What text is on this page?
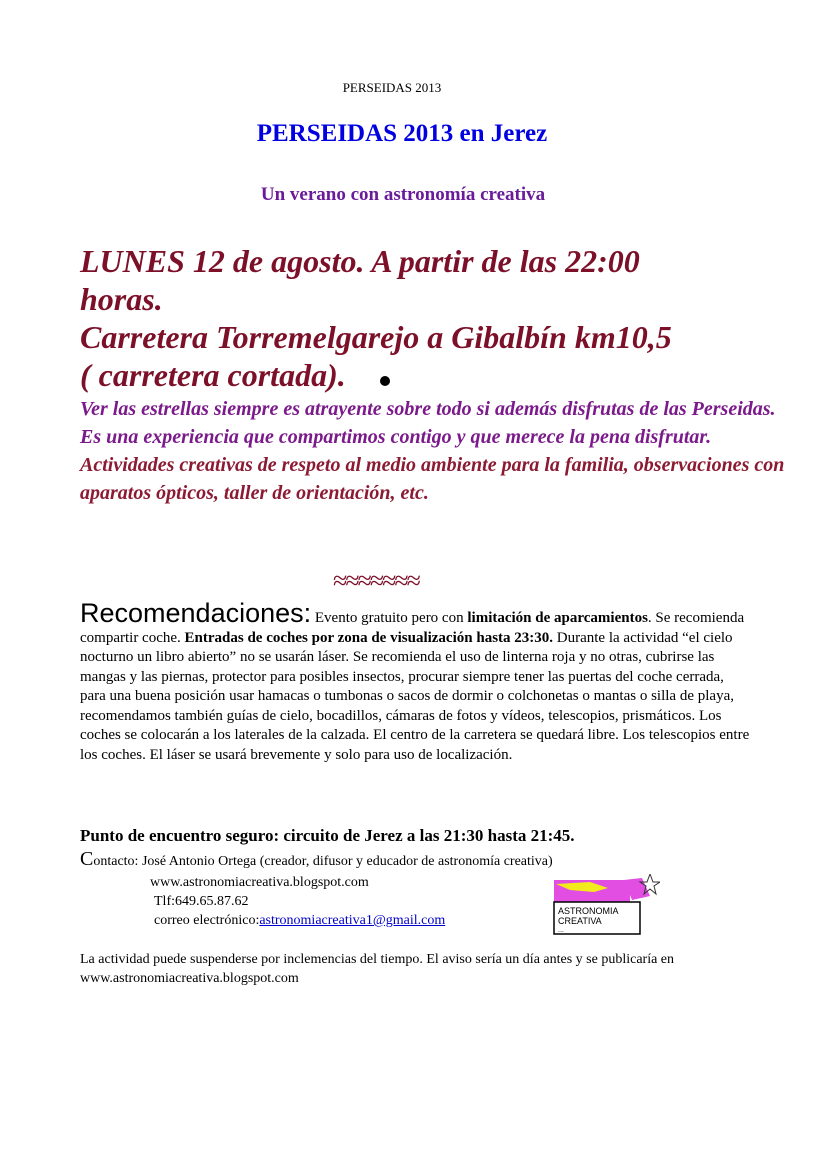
PERSEIDAS 2013
PERSEIDAS 2013 en Jerez
Un verano con astronomía creativa
LUNES 12 de agosto. A partir de las 22:00
horas.
Carretera Torremelgarejo a Gibalbín km10,5
( carretera cortada).
Ver las estrellas siempre es atrayente sobre todo si además disfrutas de las Perseidas. Es una experiencia que compartimos contigo y que merece la pena disfrutar.
Actividades creativas de respeto al medio ambiente para la familia, observaciones con aparatos ópticos, taller de orientación, etc.
≈≈≈≈≈≈≈
Recomendaciones: Evento gratuito pero con limitación de aparcamientos. Se recomienda compartir coche. Entradas de coches por zona de visualización hasta 23:30. Durante la actividad “el cielo nocturno un libro abierto” no se usarán láser. Se recomienda el uso de linterna roja y no otras, cubrirse las mangas y las piernas, protector para posibles insectos, procurar siempre tener las puertas del coche cerrada, para una buena posición usar hamacas o tumbonas o sacos de dormir o colchonetas o mantas o silla de playa, recomendamos también guías de cielo, bocadillos, cámaras de fotos y vídeos, telescopios, prismáticos. Los coches se colocarán a los laterales de la calzada. El centro de la carretera se quedará libre. Los telescopios entre los coches. El láser se usará brevemente y solo para uso de localización.
Punto de encuentro seguro: circuito de Jerez a las 21:30 hasta 21:45.
Contacto: José Antonio Ortega (creador, difusor y educador de astronomía creativa)
www.astronomiacreativa.blogspot.com
Tlf:649.65.87.62
correo electrónico:astronomiacreativa1@gmail.com
ASTRONOMIA
CREATIVA
...
La actividad puede suspenderse por inclemencias del tiempo. El aviso sería un día antes y se publicaría en www.astronomiacreativa.blogspot.com
